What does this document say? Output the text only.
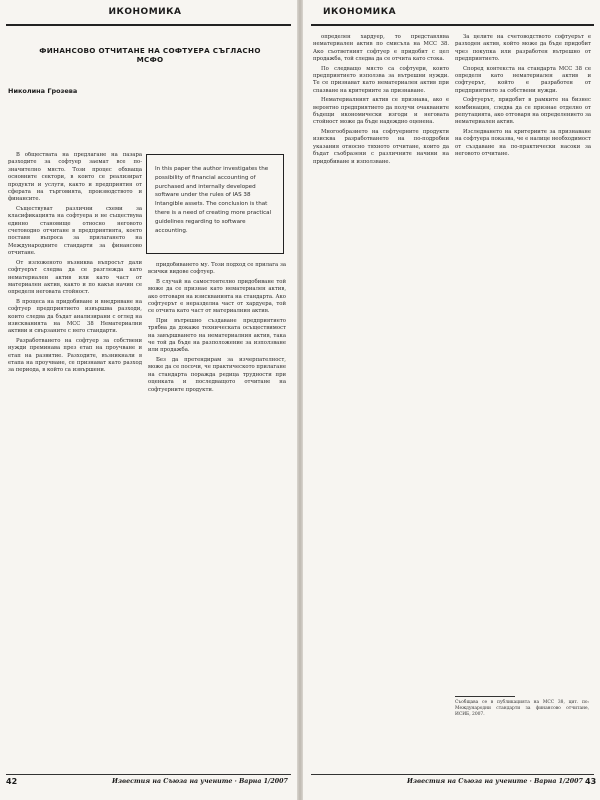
ИКОНОМИКА
ФИНАНСОВО ОТЧИТАНЕ НА СОФТУЕРА СЪГЛАСНО МСФО
Николина Грозева

В обществата на предлагане на пазара разходите за софтуер заемат все по-значително място. Този процес обхваща основните сектори, в които се реализират продукти и услуги, както и предприятия от сферата на търговията, производството и финансите.

Съществуват различни схеми за класификацията на софтуера и не съществува единно становище относно неговото счетоводно отчитане в предприятията, което поставя въпроса за прилагането на Международните стандарти за финансово отчитане.

От изложеното възниква въпросът дали софтуерът следва да се разглежда като нематериален актив или като част от материален актив, както и по какъв начин се определя неговата стойност.

В процеса на придобиване и внедряване на софтуер предприятието извършва разходи, които следва да бъдат анализирани с оглед на изискванията на МСС 38 Нематериални активи и свързаните с него стандарти.

Разработването на софтуер за собствени нужди преминава през етап на проучване и етап на развитие. Разходите, възникнали в етапа на проучване, се признават като разход за периода, в който са извършени.

In this paper the author investigates the possibility of financial accounting of purchased and internally developed software under the rules of IAS 38 Intangible assets. The conclusion is that there is a need of creating more practical guidelines regarding to software accounting.

придобиването му. Този подход се прилага за всички видове софтуер.

В случай на самостоятелно придобиване той може да се признае като нематериален актив, ако отговаря на изискванията на стандарта. Ако софтуерът е неразделна част от хардуера, той се отчита като част от материалния актив.

При вътрешно създаване предприятието трябва да докаже техническата осъществимост на завършването на нематериалния актив, така че той да бъде на разположение за използване или продажба.

Без да претендирам за изчерпателност, може да се посочи, че практическото прилагане на стандарта поражда редица трудности при оценката и последващото отчитане на софтуерните продукти.

42	Известия на Съюза на учените · Варна 1/2007
ИКОНОМИКА

определен хардуер, то представлява нематериален актив по смисъла на МСС 38. Ако съответният софтуер е придобит с цел продажба, той следва да се отчита като стока.

По следващо място са софтуери, които предприятието използва за вътрешни нужди. Те се признават като нематериален актив при спазване на критериите за признаване.

Нематериалният актив се признава, ако е вероятно предприятието да получи очакваните бъдещи икономически изгоди и неговата стойност може да бъде надеждно оценена.

Многообразието на софтуерните продукти изисква разработването на по-подробни указания относно тяхното отчитане, които да бъдат съобразени с различните начини на придобиване и използване.

За целите на счетоводството софтуерът е разходен актив, който може да бъде придобит чрез покупка или разработен вътрешно от предприятието.

Според контекста на стандарта МСС 38 се определя като нематериален актив и софтуерът, който е разработен от предприятието за собствени нужди.

Софтуерът, придобит в рамките на бизнес комбинация, следва да се признае отделно от репутацията, ако отговаря на определението за нематериален актив.

Изследването на критериите за признаване на софтуера показва, че е налице необходимост от създаване на по-практически насоки за неговото отчитане.

Съобщава се в публикацията на МСС 38, цит. по: Международни стандарти за финансово отчитане, ИСИБ, 2007.
Известия на Съюза на учените · Варна 1/2007 43
